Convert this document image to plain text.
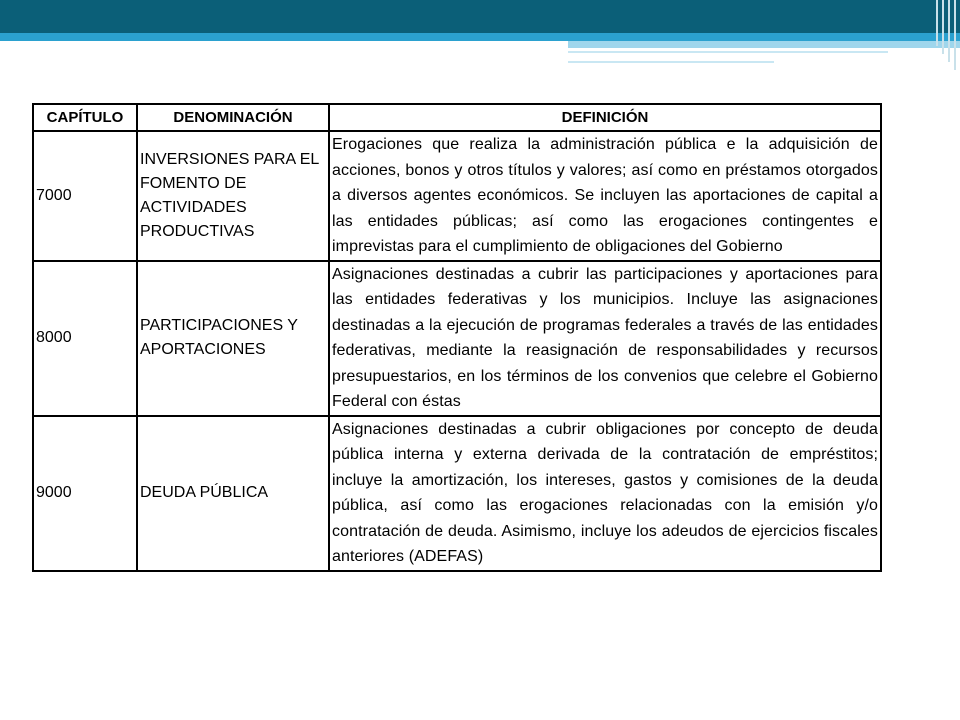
CAPÍTULO	DENOMINACIÓN	DEFINICIÓN
7000	INVERSIONES PARA EL FOMENTO DE ACTIVIDADES PRODUCTIVAS	Erogaciones que realiza la administración pública e la adquisición de acciones, bonos y otros títulos y valores; así como en préstamos otorgados a diversos agentes económicos. Se incluyen las aportaciones de capital a las entidades públicas; así como las erogaciones contingentes e imprevistas para el cumplimiento de obligaciones del Gobierno
8000	PARTICIPACIONES Y APORTACIONES	Asignaciones destinadas a cubrir las participaciones y aportaciones para las entidades federativas y los municipios. Incluye las asignaciones destinadas a la ejecución de programas federales a través de las entidades federativas, mediante la reasignación de responsabilidades y recursos presupuestarios, en los términos de los convenios que celebre el Gobierno Federal con éstas
9000	DEUDA PÚBLICA	Asignaciones destinadas a cubrir obligaciones por concepto de deuda pública interna y externa derivada de la contratación de empréstitos; incluye la amortización, los intereses, gastos y comisiones de la deuda pública, así como las erogaciones relacionadas con la emisión y/o contratación de deuda. Asimismo, incluye los adeudos de ejercicios fiscales anteriores (ADEFAS)
